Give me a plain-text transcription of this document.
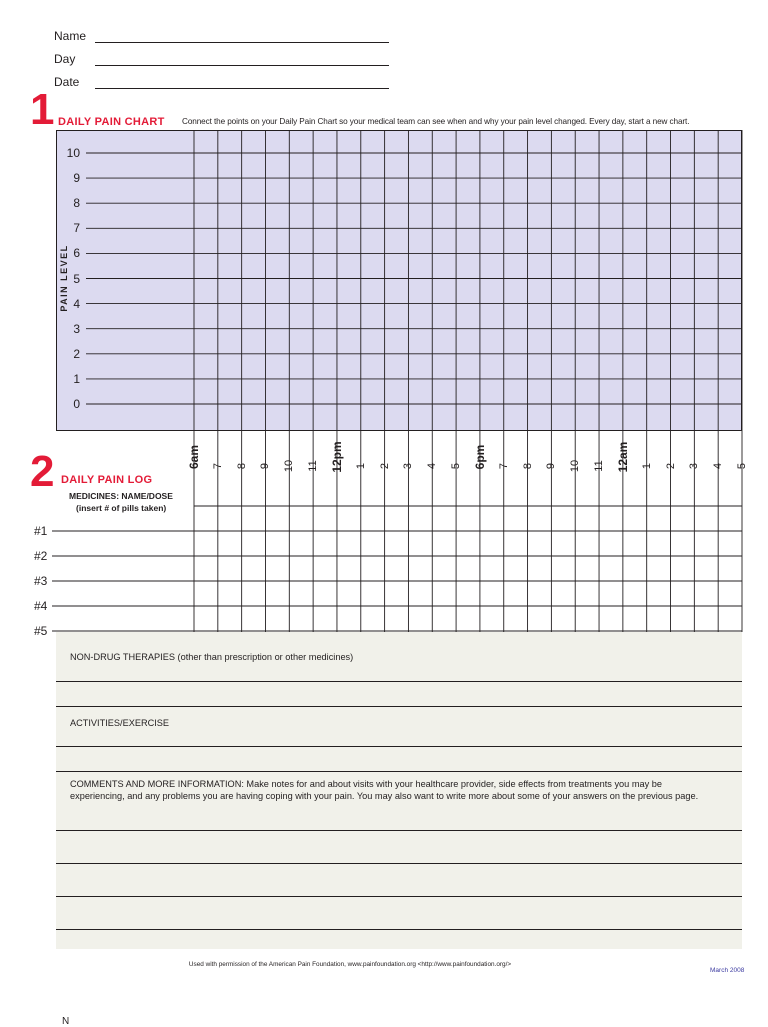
Name
Day
Date
1 DAILY PAIN CHART Connect the points on your Daily Pain Chart so your medical team can see when and why your pain level changed. Every day, start a new chart.
10
9
8
7
6
5
4
3
2
1
0
PAIN LEVEL
6am 7 8 9 10 11 12pm 1 2 3 4 5 6pm 7 8 9 10 11 12am 1 2 3 4 5
2 DAILY PAIN LOG
MEDICINES: NAME/DOSE
(insert # of pills taken)
#1
#2
#3
#4
#5
NON-DRUG THERAPIES (other than prescription or other medicines)
ACTIVITIES/EXERCISE
COMMENTS AND MORE INFORMATION: Make notes for and about visits with your healthcare provider, side effects from treatments you may be
experiencing, and any problems you are having coping with your pain. You may also want to write more about some of your answers on the previous page.
Used with permission of the American Pain Foundation, www.painfoundation.org <http://www.painfoundation.org/>
March 2008
N
